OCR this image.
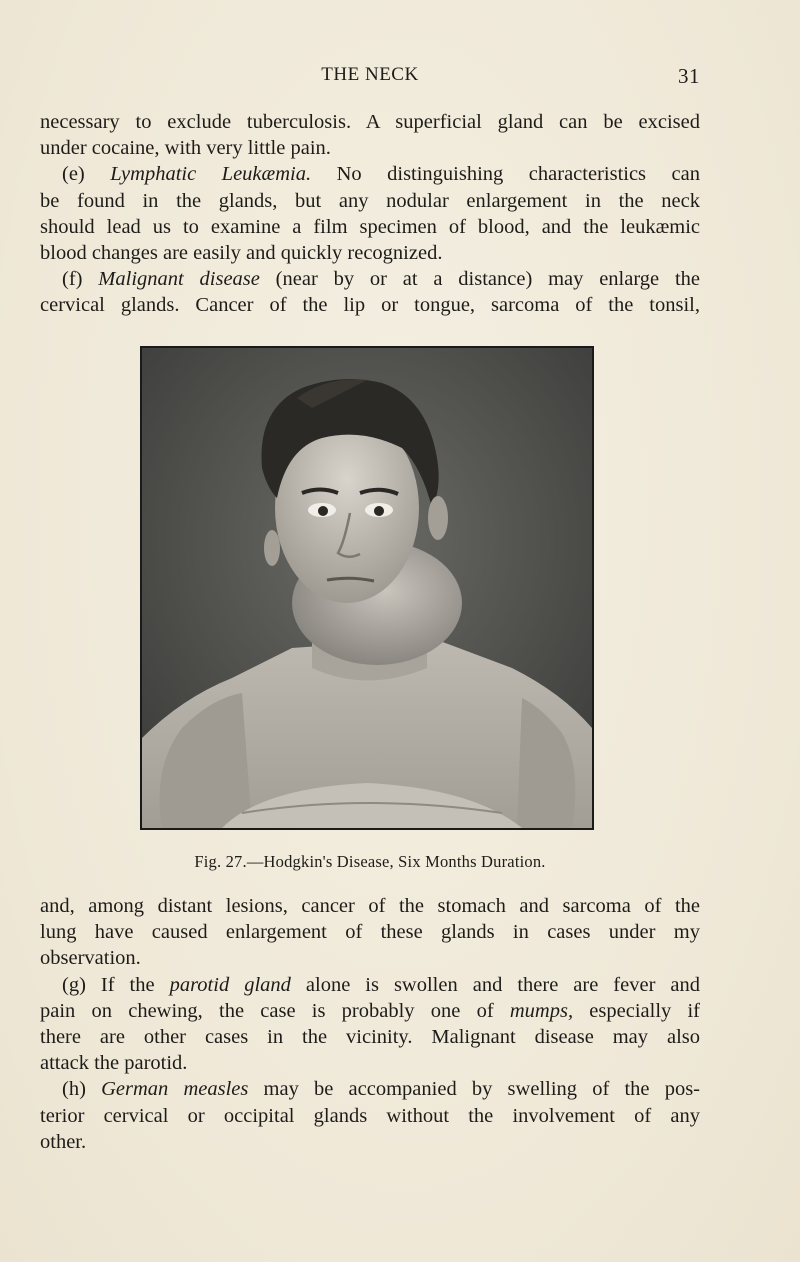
THE NECK	31

necessary to exclude tuberculosis. A superficial gland can be excised
under cocaine, with very little pain.

(e) Lymphatic Leukæmia. No distinguishing characteristics can
be found in the glands, but any nodular enlargement in the neck
should lead us to examine a film specimen of blood, and the leukæmic
blood changes are easily and quickly recognized.

(f) Malignant disease (near by or at a distance) may enlarge the
cervical glands. Cancer of the lip or tongue, sarcoma of the tonsil,

Fig. 27.—Hodgkin's Disease, Six Months Duration.

and, among distant lesions, cancer of the stomach and sarcoma of the
lung have caused enlargement of these glands in cases under my
observation.

(g) If the parotid gland alone is swollen and there are fever and
pain on chewing, the case is probably one of mumps, especially if
there are other cases in the vicinity. Malignant disease may also
attack the parotid.

(h) German measles may be accompanied by swelling of the pos-
terior cervical or occipital glands without the involvement of any
other.
